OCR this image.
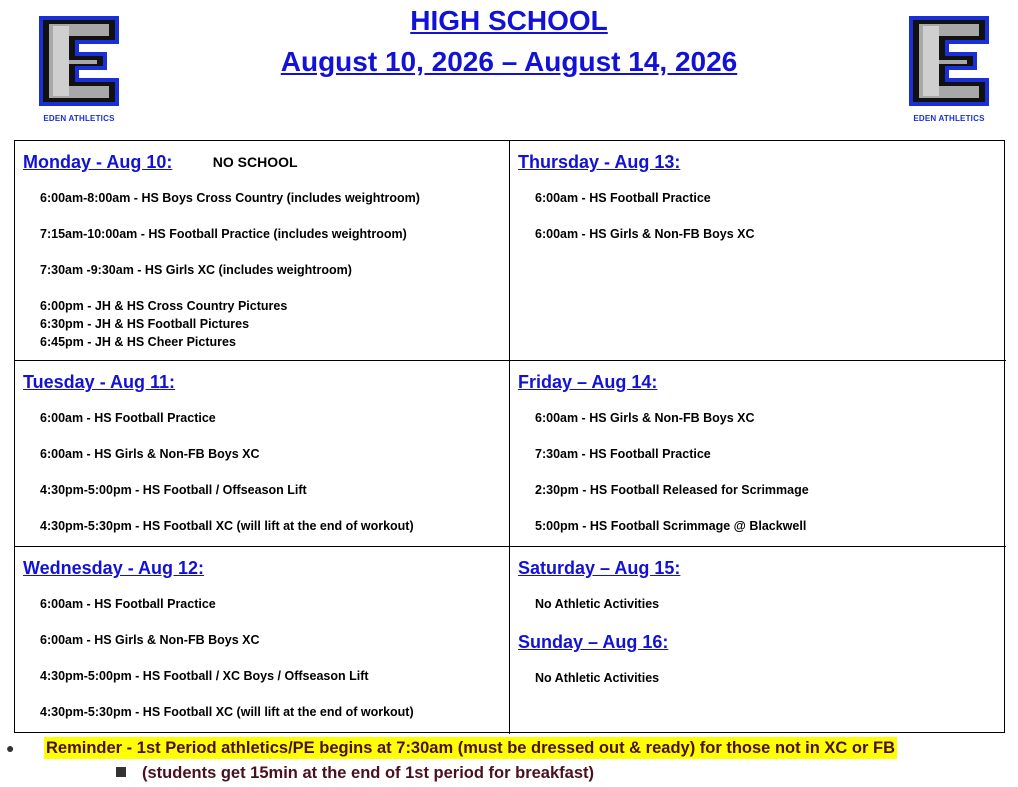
EDEN ATHLETICS	EDEN ATHLETICS
HIGH SCHOOL
August 10, 2026 – August 14, 2026
Monday - Aug 10:	NO SCHOOL
6:00am-8:00am - HS Boys Cross Country (includes weightroom)
7:15am-10:00am - HS Football Practice (includes weightroom)
7:30am -9:30am - HS Girls XC (includes weightroom)
6:00pm - JH & HS Cross Country Pictures
6:30pm - JH & HS Football Pictures
6:45pm - JH & HS Cheer Pictures
Thursday - Aug 13:
6:00am - HS Football Practice
6:00am - HS Girls & Non-FB Boys XC
Tuesday - Aug 11:
6:00am - HS Football Practice
6:00am - HS Girls & Non-FB Boys XC
4:30pm-5:00pm - HS Football / Offseason Lift
4:30pm-5:30pm - HS Football XC (will lift at the end of workout)
Friday – Aug 14:
6:00am - HS Girls & Non-FB Boys XC
7:30am - HS Football Practice
2:30pm - HS Football Released for Scrimmage
5:00pm - HS Football Scrimmage @ Blackwell
Wednesday - Aug 12:
6:00am - HS Football Practice
6:00am - HS Girls & Non-FB Boys XC
4:30pm-5:00pm - HS Football / XC Boys / Offseason Lift
4:30pm-5:30pm - HS Football XC (will lift at the end of workout)
Saturday – Aug 15:
No Athletic Activities
Sunday – Aug 16:
No Athletic Activities
● Reminder - 1st Period athletics/PE begins at 7:30am (must be dressed out & ready) for those not in XC or FB
(students get 15min at the end of 1st period for breakfast)
